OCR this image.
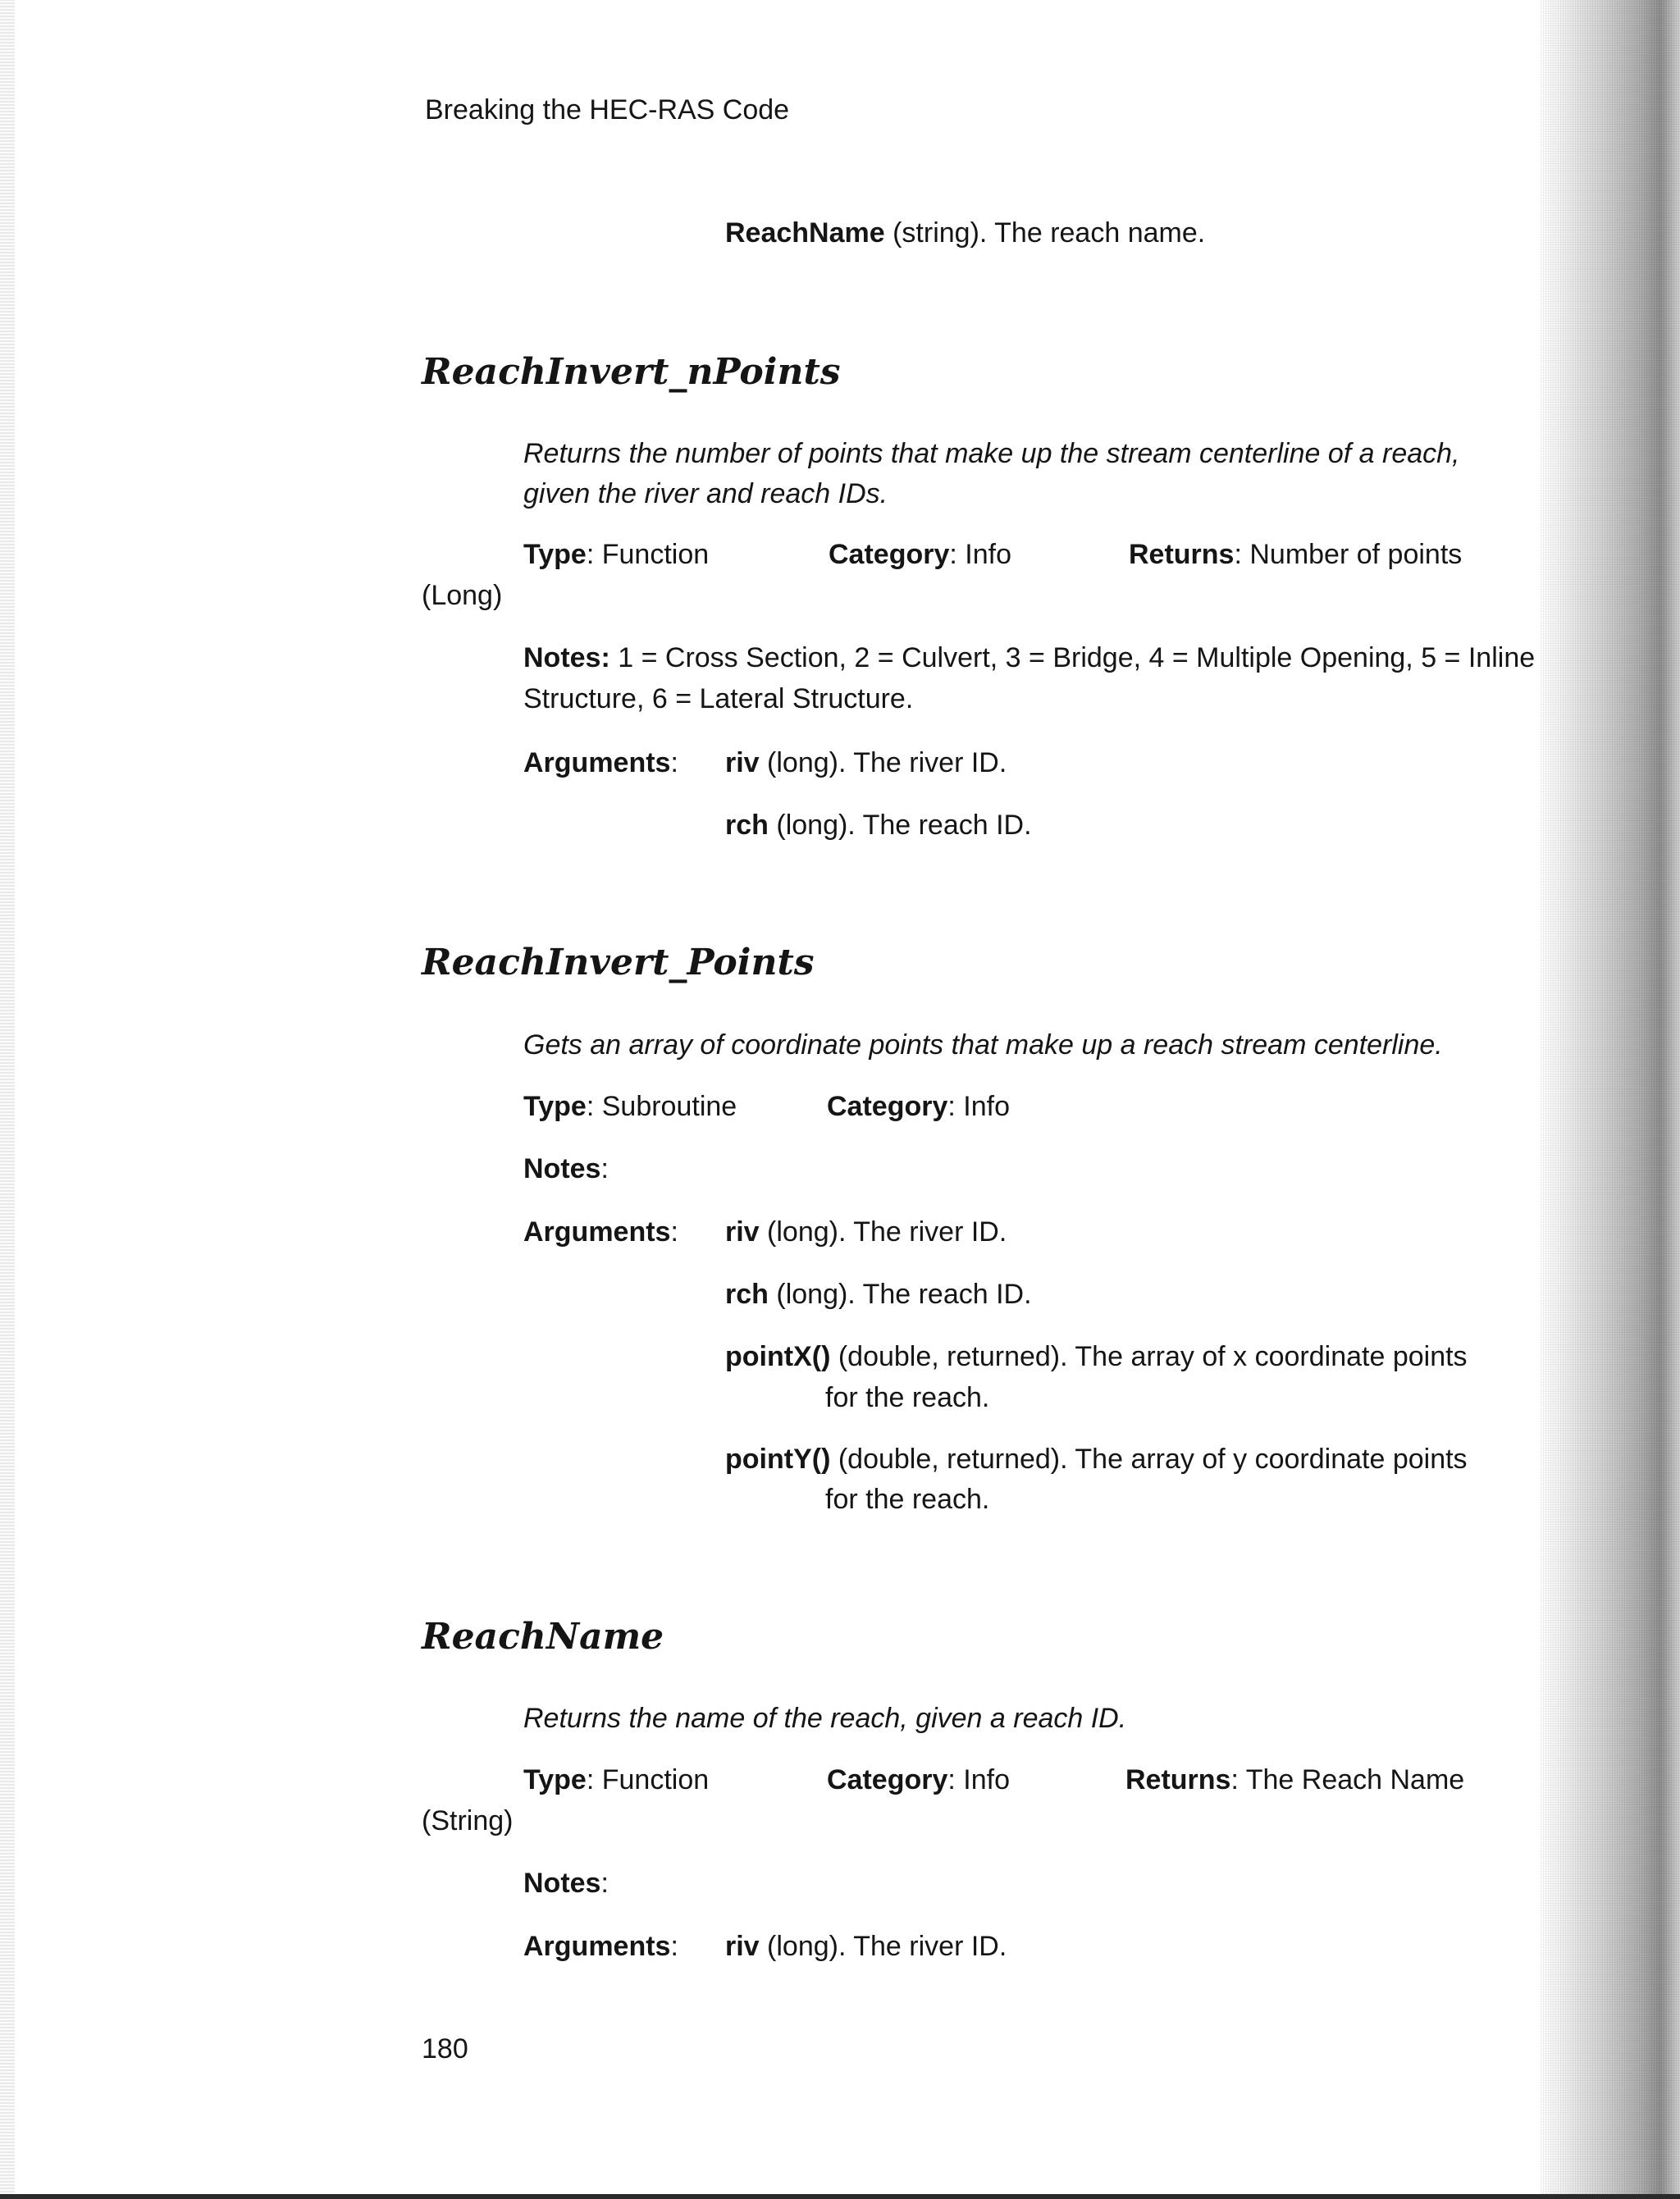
Breaking the HEC-RAS Code
ReachName (string). The reach name.
ReachInvert_nPoints
Returns the number of points that make up the stream centerline of a reach,
given the river and reach IDs.
Type: Function	Category: Info	Returns: Number of points
(Long)
Notes: 1 = Cross Section, 2 = Culvert, 3 = Bridge, 4 = Multiple Opening, 5 = Inline
Structure, 6 = Lateral Structure.
Arguments: riv (long). The river ID.
rch (long). The reach ID.
ReachInvert_Points
Gets an array of coordinate points that make up a reach stream centerline.
Type: Subroutine	Category: Info
Notes:
Arguments: riv (long). The river ID.
rch (long). The reach ID.
pointX() (double, returned). The array of x coordinate points
for the reach.
pointY() (double, returned). The array of y coordinate points
for the reach.
ReachName
Returns the name of the reach, given a reach ID.
Type: Function	Category: Info	Returns: The Reach Name
(String)
Notes:
Arguments: riv (long). The river ID.
180
